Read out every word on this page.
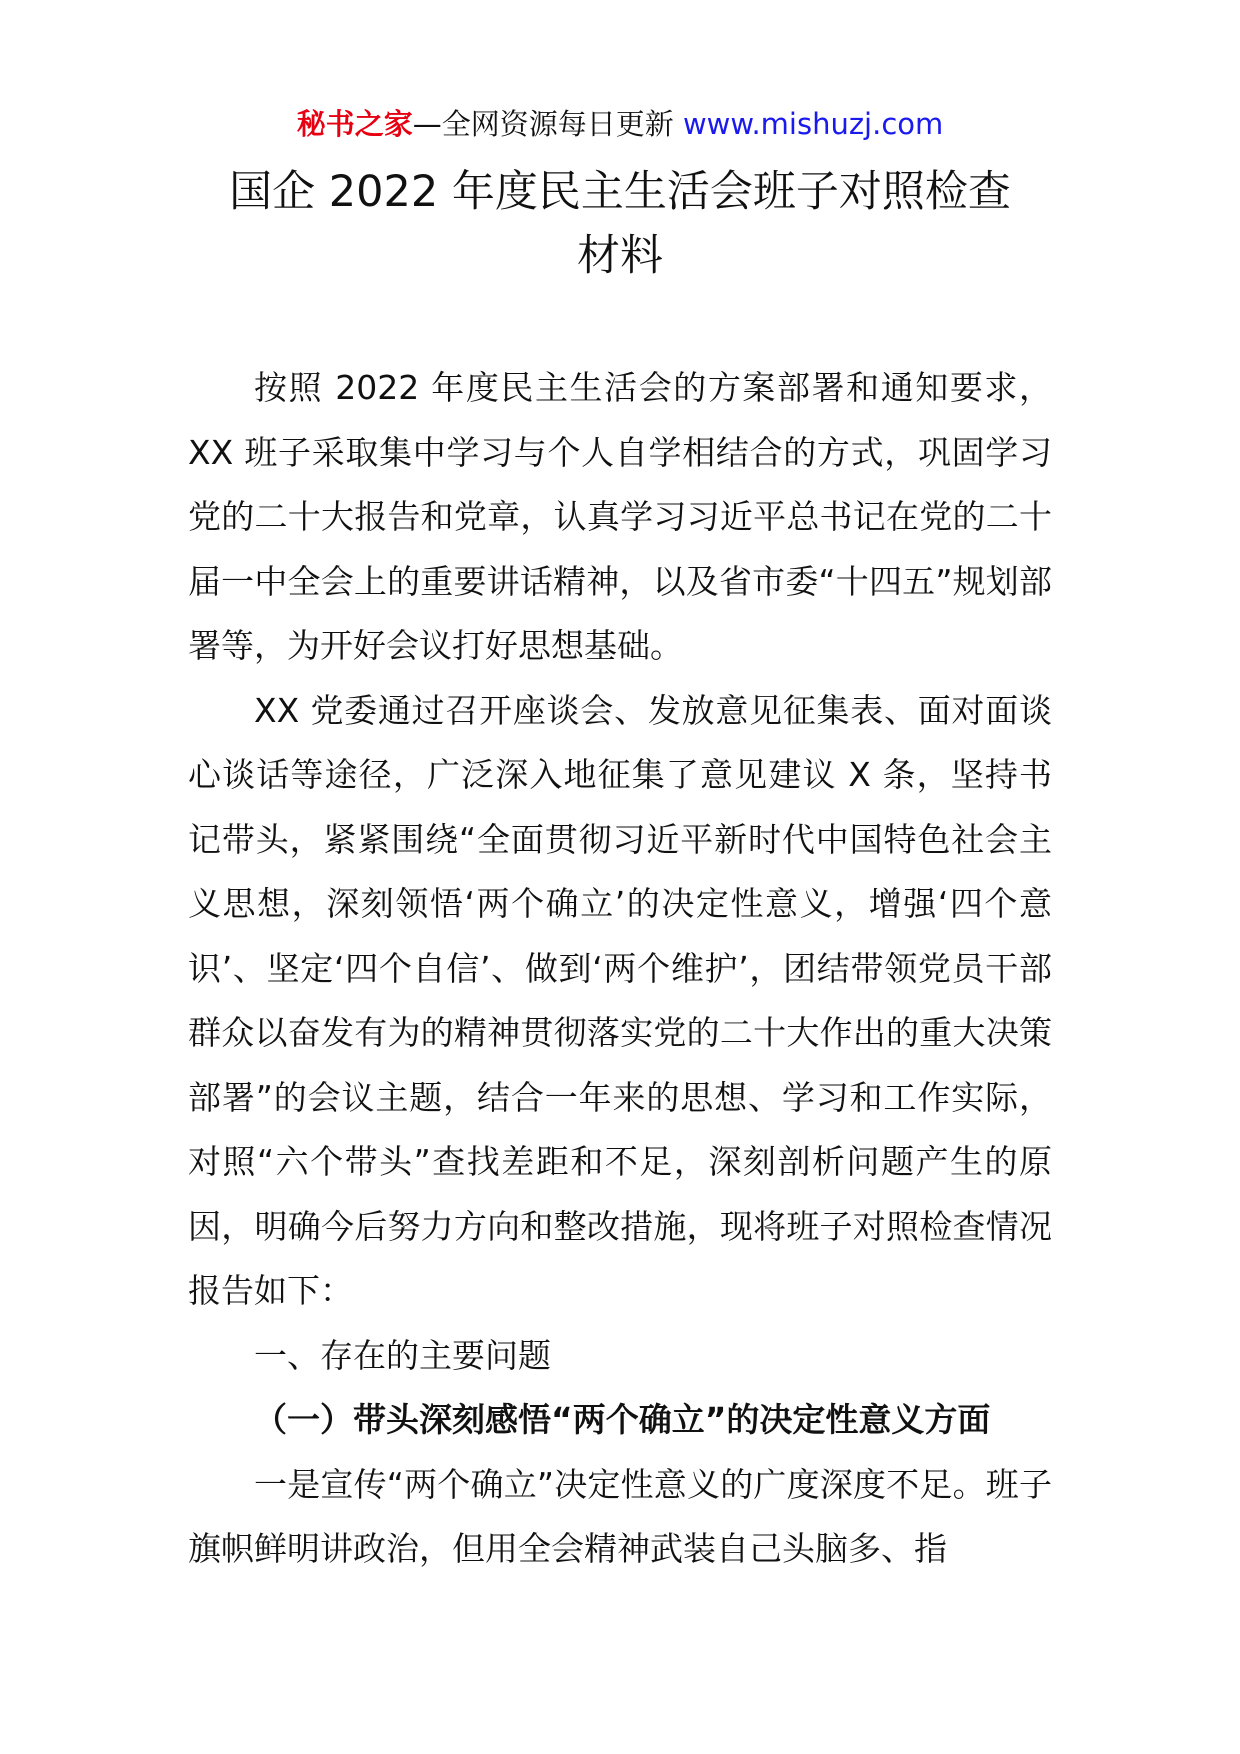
秘书之家—全网资源每日更新 www.mishuzj.com
国企 2022 年度民主生活会班子对照检查
材料

按照 2022 年度民主生活会的方案部署和通知要求，XX 班子采取集中学习与个人自学相结合的方式，巩固学习党的二十大报告和党章，认真学习习近平总书记在党的二十届一中全会上的重要讲话精神，以及省市委“十四五”规划部署等，为开好会议打好思想基础。

XX 党委通过召开座谈会、发放意见征集表、面对面谈心谈话等途径，广泛深入地征集了意见建议 X 条，坚持书记带头，紧紧围绕“全面贯彻习近平新时代中国特色社会主义思想，深刻领悟‘两个确立’的决定性意义，增强‘四个意识’、坚定‘四个自信’、做到‘两个维护’，团结带领党员干部群众以奋发有为的精神贯彻落实党的二十大作出的重大决策部署”的会议主题，结合一年来的思想、学习和工作实际，对照“六个带头”查找差距和不足，深刻剖析问题产生的原因，明确今后努力方向和整改措施，现将班子对照检查情况报告如下：

一、存在的主要问题

（一）带头深刻感悟“两个确立”的决定性意义方面

一是宣传“两个确立”决定性意义的广度深度不足。班子旗帜鲜明讲政治，但用全会精神武装自己头脑多、指
